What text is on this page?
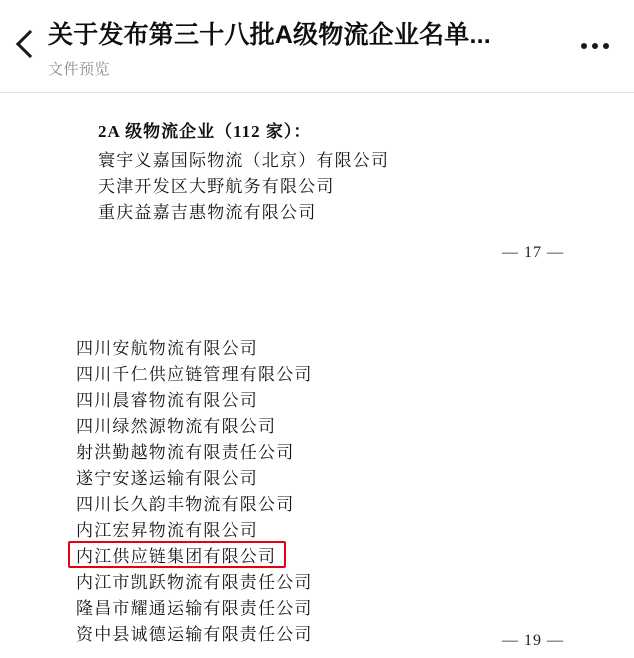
关于发布第三十八批A级物流企业名单...
文件预览
2A 级物流企业（112 家）：
寰宇义嘉国际物流（北京）有限公司
天津开发区大野航务有限公司
重庆益嘉吉惠物流有限公司
— 17 —
四川安航物流有限公司
四川千仁供应链管理有限公司
四川晨睿物流有限公司
四川绿然源物流有限公司
射洪勤越物流有限责任公司
遂宁安遂运输有限公司
四川长久韵丰物流有限公司
内江宏昇物流有限公司
内江供应链集团有限公司
内江市凯跃物流有限责任公司
隆昌市耀通运输有限责任公司
资中县诚德运输有限责任公司	— 19 —
